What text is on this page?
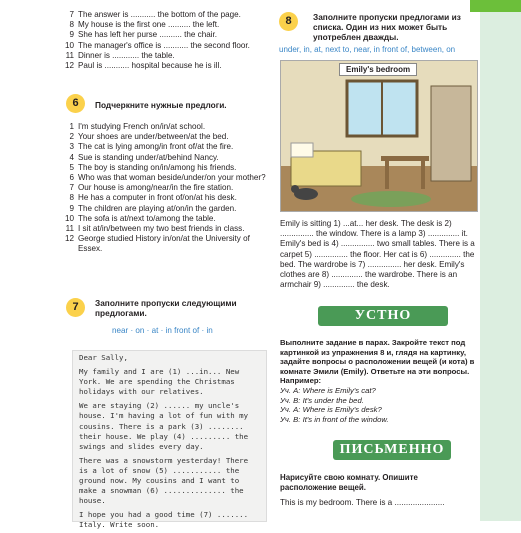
7 The answer is ........... the bottom of the page.
8 My house is the first one .......... the left.
9 She has left her purse .......... the chair.
10 The manager's office is ........... the second floor.
11 Dinner is ............ the table.
12 Paul is ........... hospital because he is ill.
6	Подчеркните нужные предлоги.
1 I'm studying French on/in/at school.
2 Your shoes are under/between/at the bed.
3 The cat is lying among/in front of/at the fire.
4 Sue is standing under/at/behind Nancy.
5 The boy is standing on/in/among his friends.
6 Who was that woman beside/under/on your mother?
7 Our house is among/near/in the fire station.
8 He has a computer in front of/on/at his desk.
9 The children are playing at/on/in the garden.
10 The sofa is at/next to/among the table.
11 I sit at/in/between my two best friends in class.
12 George studied History in/on/at the University of Essex.
7	Заполните пропуски следующими предлогами.
near · on · at · in front of · in
Dear Sally,
My family and I are (1) ...in... New York. We are spending the Christmas holidays with our relatives.
We are staying (2) ...... my uncle's house. I'm having a lot of fun with my cousins. There is a park (3) ........ their house. We play (4) ......... the swings and slides every day.
There was a snowstorm yesterday! There is a lot of snow (5) ........... the ground now. My cousins and I want to make a snowman (6) .............. the house.
I hope you had a good time (7) ....... Italy. Write soon.
8	Заполните пропуски предлогами из списка. Один из них может быть употреблен дважды.
under, in, at, next to, near, in front of, between, on
Emily's bedroom
Emily is sitting 1) ...at... her desk. The desk is 2) ............... the window. There is a lamp 3) .............. it. Emily's bed is 4) ............... two small tables. There is a carpet 5) ............... the floor. Her cat is 6) .............. the bed. The wardrobe is 7) ............... her desk. Emily's clothes are 8) .............. the wardrobe. There is an armchair 9) .............. the desk.
УСТНО
Выполните задание в парах. Закройте текст под картинкой из упражнения 8 и, глядя на картинку, задайте вопросы о расположении вещей (и кота) в комнате Эмили (Emily). Ответьте на эти вопросы. Например:
Уч. А: Where is Emily's cat?
Уч. B: It's under the bed.
Уч. А: Where is Emily's desk?
Уч. B: It's in front of the window.
ПИСЬМЕННО
Нарисуйте свою комнату. Опишите расположение вещей.
This is my bedroom. There is a ......................
